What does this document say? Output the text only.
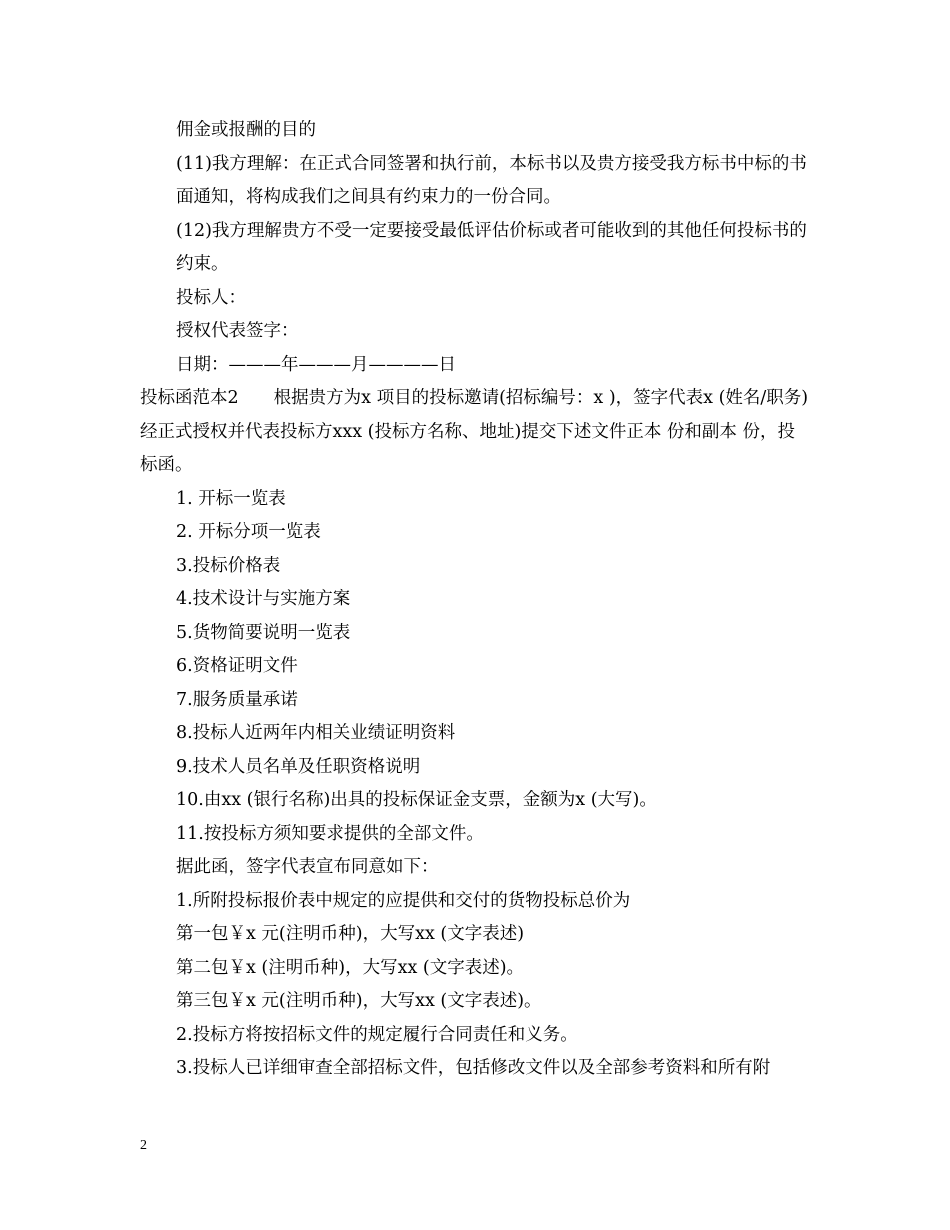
佣金或报酬的目的

(11)我方理解：在正式合同签署和执行前，本标书以及贵方接受我方标书中标的书面通知，将构成我们之间具有约束力的一份合同。

(12)我方理解贵方不受一定要接受最低评估价标或者可能收到的其他任何投标书的约束。

投标人：

授权代表签字：

日期：———年———月————日

投标函范本2　　根据贵方为x 项目的投标邀请(招标编号：x )，签字代表x (姓名/职务)经正式授权并代表投标方xxx (投标方名称、地址)提交下述文件正本 份和副本 份，投标函。

1. 开标一览表

2. 开标分项一览表

3.投标价格表

4.技术设计与实施方案

5.货物简要说明一览表

6.资格证明文件

7.服务质量承诺

8.投标人近两年内相关业绩证明资料

9.技术人员名单及任职资格说明

10.由xx (银行名称)出具的投标保证金支票，金额为x (大写)。

11.按投标方须知要求提供的全部文件。

据此函，签字代表宣布同意如下：

1.所附投标报价表中规定的应提供和交付的货物投标总价为

第一包￥x 元(注明币种)，大写xx (文字表述)

第二包￥x (注明币种)，大写xx (文字表述)。

第三包￥x 元(注明币种)，大写xx (文字表述)。

2.投标方将按招标文件的规定履行合同责任和义务。

3.投标人已详细审查全部招标文件，包括修改文件以及全部参考资料和所有附

2
